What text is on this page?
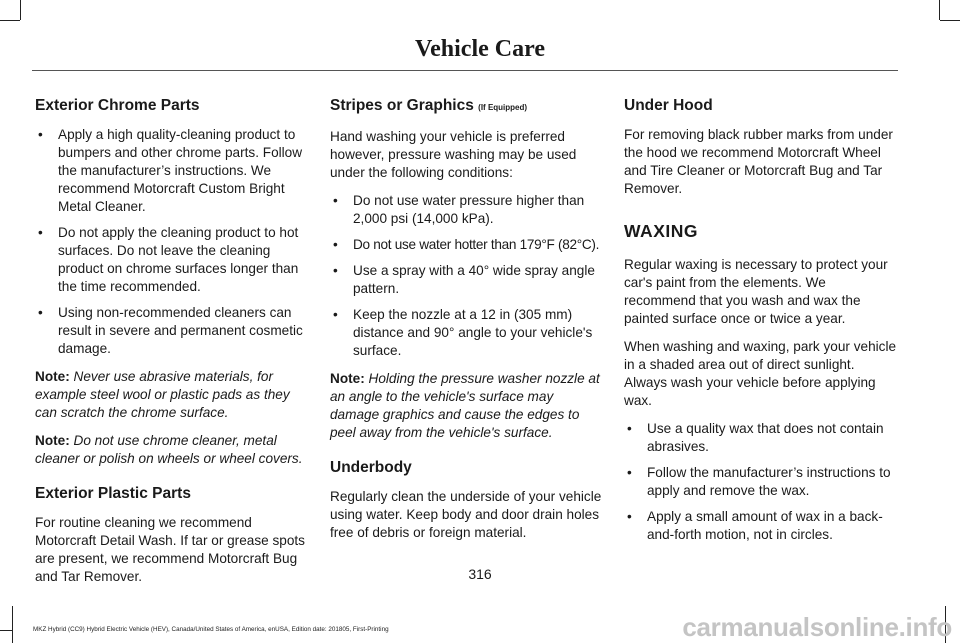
Vehicle Care
Exterior Chrome Parts
• Apply a high quality-cleaning product to bumpers and other chrome parts. Follow the manufacturer’s instructions. We recommend Motorcraft Custom Bright Metal Cleaner.
• Do not apply the cleaning product to hot surfaces. Do not leave the cleaning product on chrome surfaces longer than the time recommended.
• Using non-recommended cleaners can result in severe and permanent cosmetic damage.

Note: Never use abrasive materials, for example steel wool or plastic pads as they can scratch the chrome surface.

Note: Do not use chrome cleaner, metal cleaner or polish on wheels or wheel covers.

Exterior Plastic Parts

For routine cleaning we recommend Motorcraft Detail Wash. If tar or grease spots are present, we recommend Motorcraft Bug and Tar Remover.

Stripes or Graphics (If Equipped)

Hand washing your vehicle is preferred however, pressure washing may be used under the following conditions:

• Do not use water pressure higher than 2,000 psi (14,000 kPa).
• Do not use water hotter than 179°F (82°C).
• Use a spray with a 40° wide spray angle pattern.
• Keep the nozzle at a 12 in (305 mm) distance and 90° angle to your vehicle's surface.

Note: Holding the pressure washer nozzle at an angle to the vehicle's surface may damage graphics and cause the edges to peel away from the vehicle's surface.

Underbody

Regularly clean the underside of your vehicle using water. Keep body and door drain holes free of debris or foreign material.

Under Hood

For removing black rubber marks from under the hood we recommend Motorcraft Wheel and Tire Cleaner or Motorcraft Bug and Tar Remover.

WAXING

Regular waxing is necessary to protect your car's paint from the elements. We recommend that you wash and wax the painted surface once or twice a year.

When washing and waxing, park your vehicle in a shaded area out of direct sunlight. Always wash your vehicle before applying wax.

• Use a quality wax that does not contain abrasives.
• Follow the manufacturer’s instructions to apply and remove the wax.
• Apply a small amount of wax in a back-and-forth motion, not in circles.
316
MKZ Hybrid (CC9) Hybrid Electric Vehicle (HEV), Canada/United States of America, enUSA, Edition date: 201805, First-Printing	carmanualsonline.info
